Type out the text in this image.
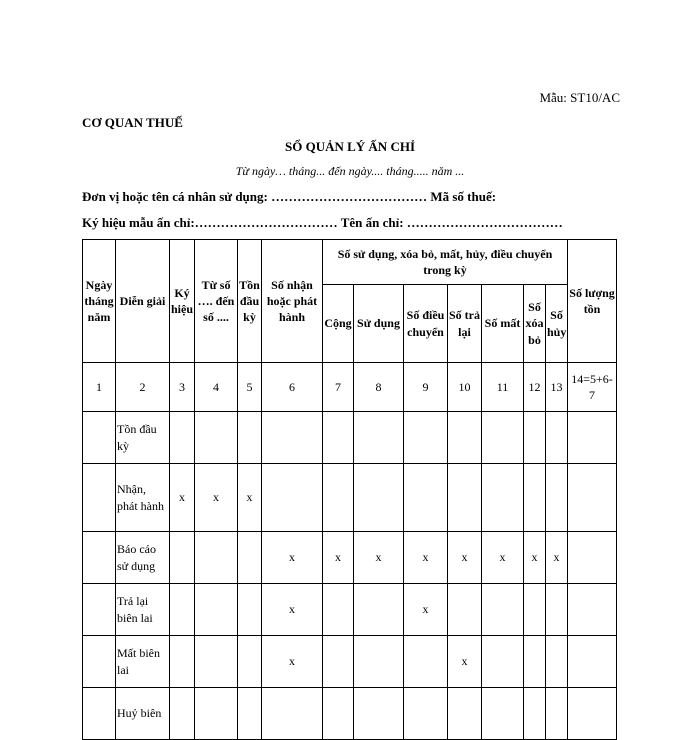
Mẫu: ST10/AC
CƠ QUAN THUẾ
SỔ QUẢN LÝ ẤN CHỈ
Từ ngày… tháng... đến ngày.... tháng..... năm ...
Đơn vị hoặc tên cá nhân sử dụng: ……………………………… Mã số thuế:
Ký hiệu mẫu ấn chỉ:…………………………… Tên ấn chỉ: ………………………………
Ngày tháng năm	Diễn giải	Ký hiệu	Từ số …. đến số ....	Tồn đầu kỳ	Số nhận hoặc phát hành	Số sử dụng, xóa bỏ, mất, hủy, điều chuyển trong kỳ							Số lượng tồn
						Cộng	Sử dụng	Số điều chuyển	Số trả lại	Số mất	Số xóa bỏ	Số hủy	
1	2	3	4	5	6	7	8	9	10	11	12	13	14=5+6-7
	Tồn đầu kỳ												
	Nhận, phát hành	x	x	x									
	Báo cáo sử dụng				x	x	x	x	x	x	x	x	
	Trả lại biên lai				x			x					
	Mất biên lai				x				x				
	Huỷ biên												
